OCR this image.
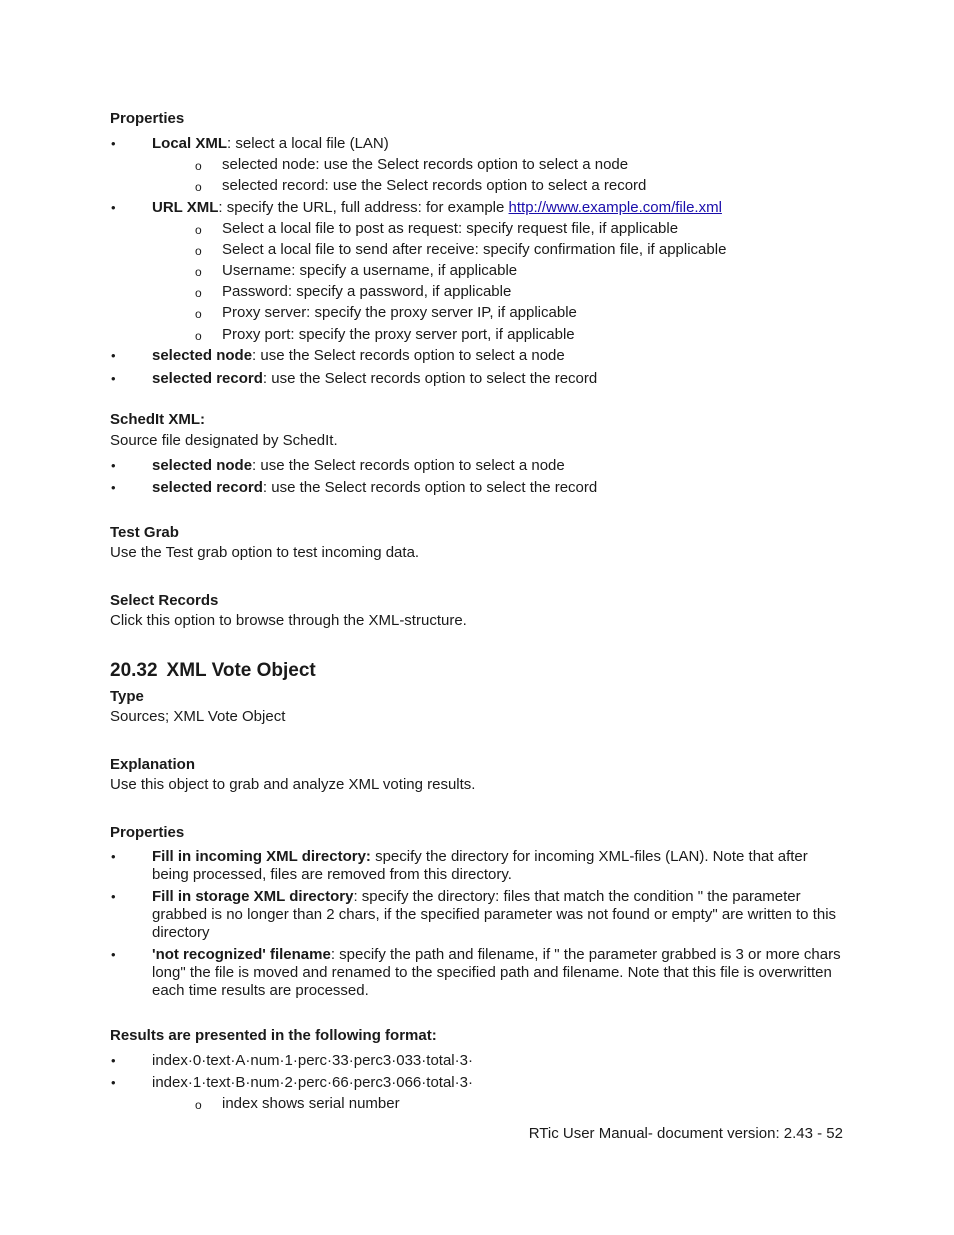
Properties
•	Local XML: select a local file (LAN)
o	selected node: use the Select records option to select a node
o	selected record: use the Select records option to select a record
•	URL XML: specify the URL, full address: for example http://www.example.com/file.xml
o	Select a local file to post as request: specify request file, if applicable
o	Select a local file to send after receive: specify confirmation file, if applicable
o	Username: specify a username, if applicable
o	Password: specify a password, if applicable
o	Proxy server: specify the proxy server IP, if applicable
o	Proxy port: specify the proxy server port, if applicable
•	selected node: use the Select records option to select a node
•	selected record: use the Select records option to select the record
SchedIt XML:
Source file designated by SchedIt.
•	selected node: use the Select records option to select a node
•	selected record: use the Select records option to select the record
Test Grab
Use the Test grab option to test incoming data.
Select Records
Click this option to browse through the XML-structure.
20.32 XML Vote Object
Type
Sources; XML Vote Object
Explanation
Use this object to grab and analyze XML voting results.
Properties
•	Fill in incoming XML directory: specify the directory for incoming XML-files (LAN). Note that after being processed, files are removed from this directory.
•	Fill in storage XML directory: specify the directory: files that match the condition " the parameter grabbed is no longer than 2 chars, if the specified parameter was not found or empty" are written to this directory
•	'not recognized' filename: specify the path and filename, if " the parameter grabbed is 3 or more chars long" the file is moved and renamed to the specified path and filename. Note that this file is overwritten each time results are processed.
Results are presented in the following format:
•	index·0·text·A·num·1·perc·33·perc3·033·total·3·
•	index·1·text·B·num·2·perc·66·perc3·066·total·3·
o	index shows serial number
RTic User Manual- document version: 2.43 - 52
